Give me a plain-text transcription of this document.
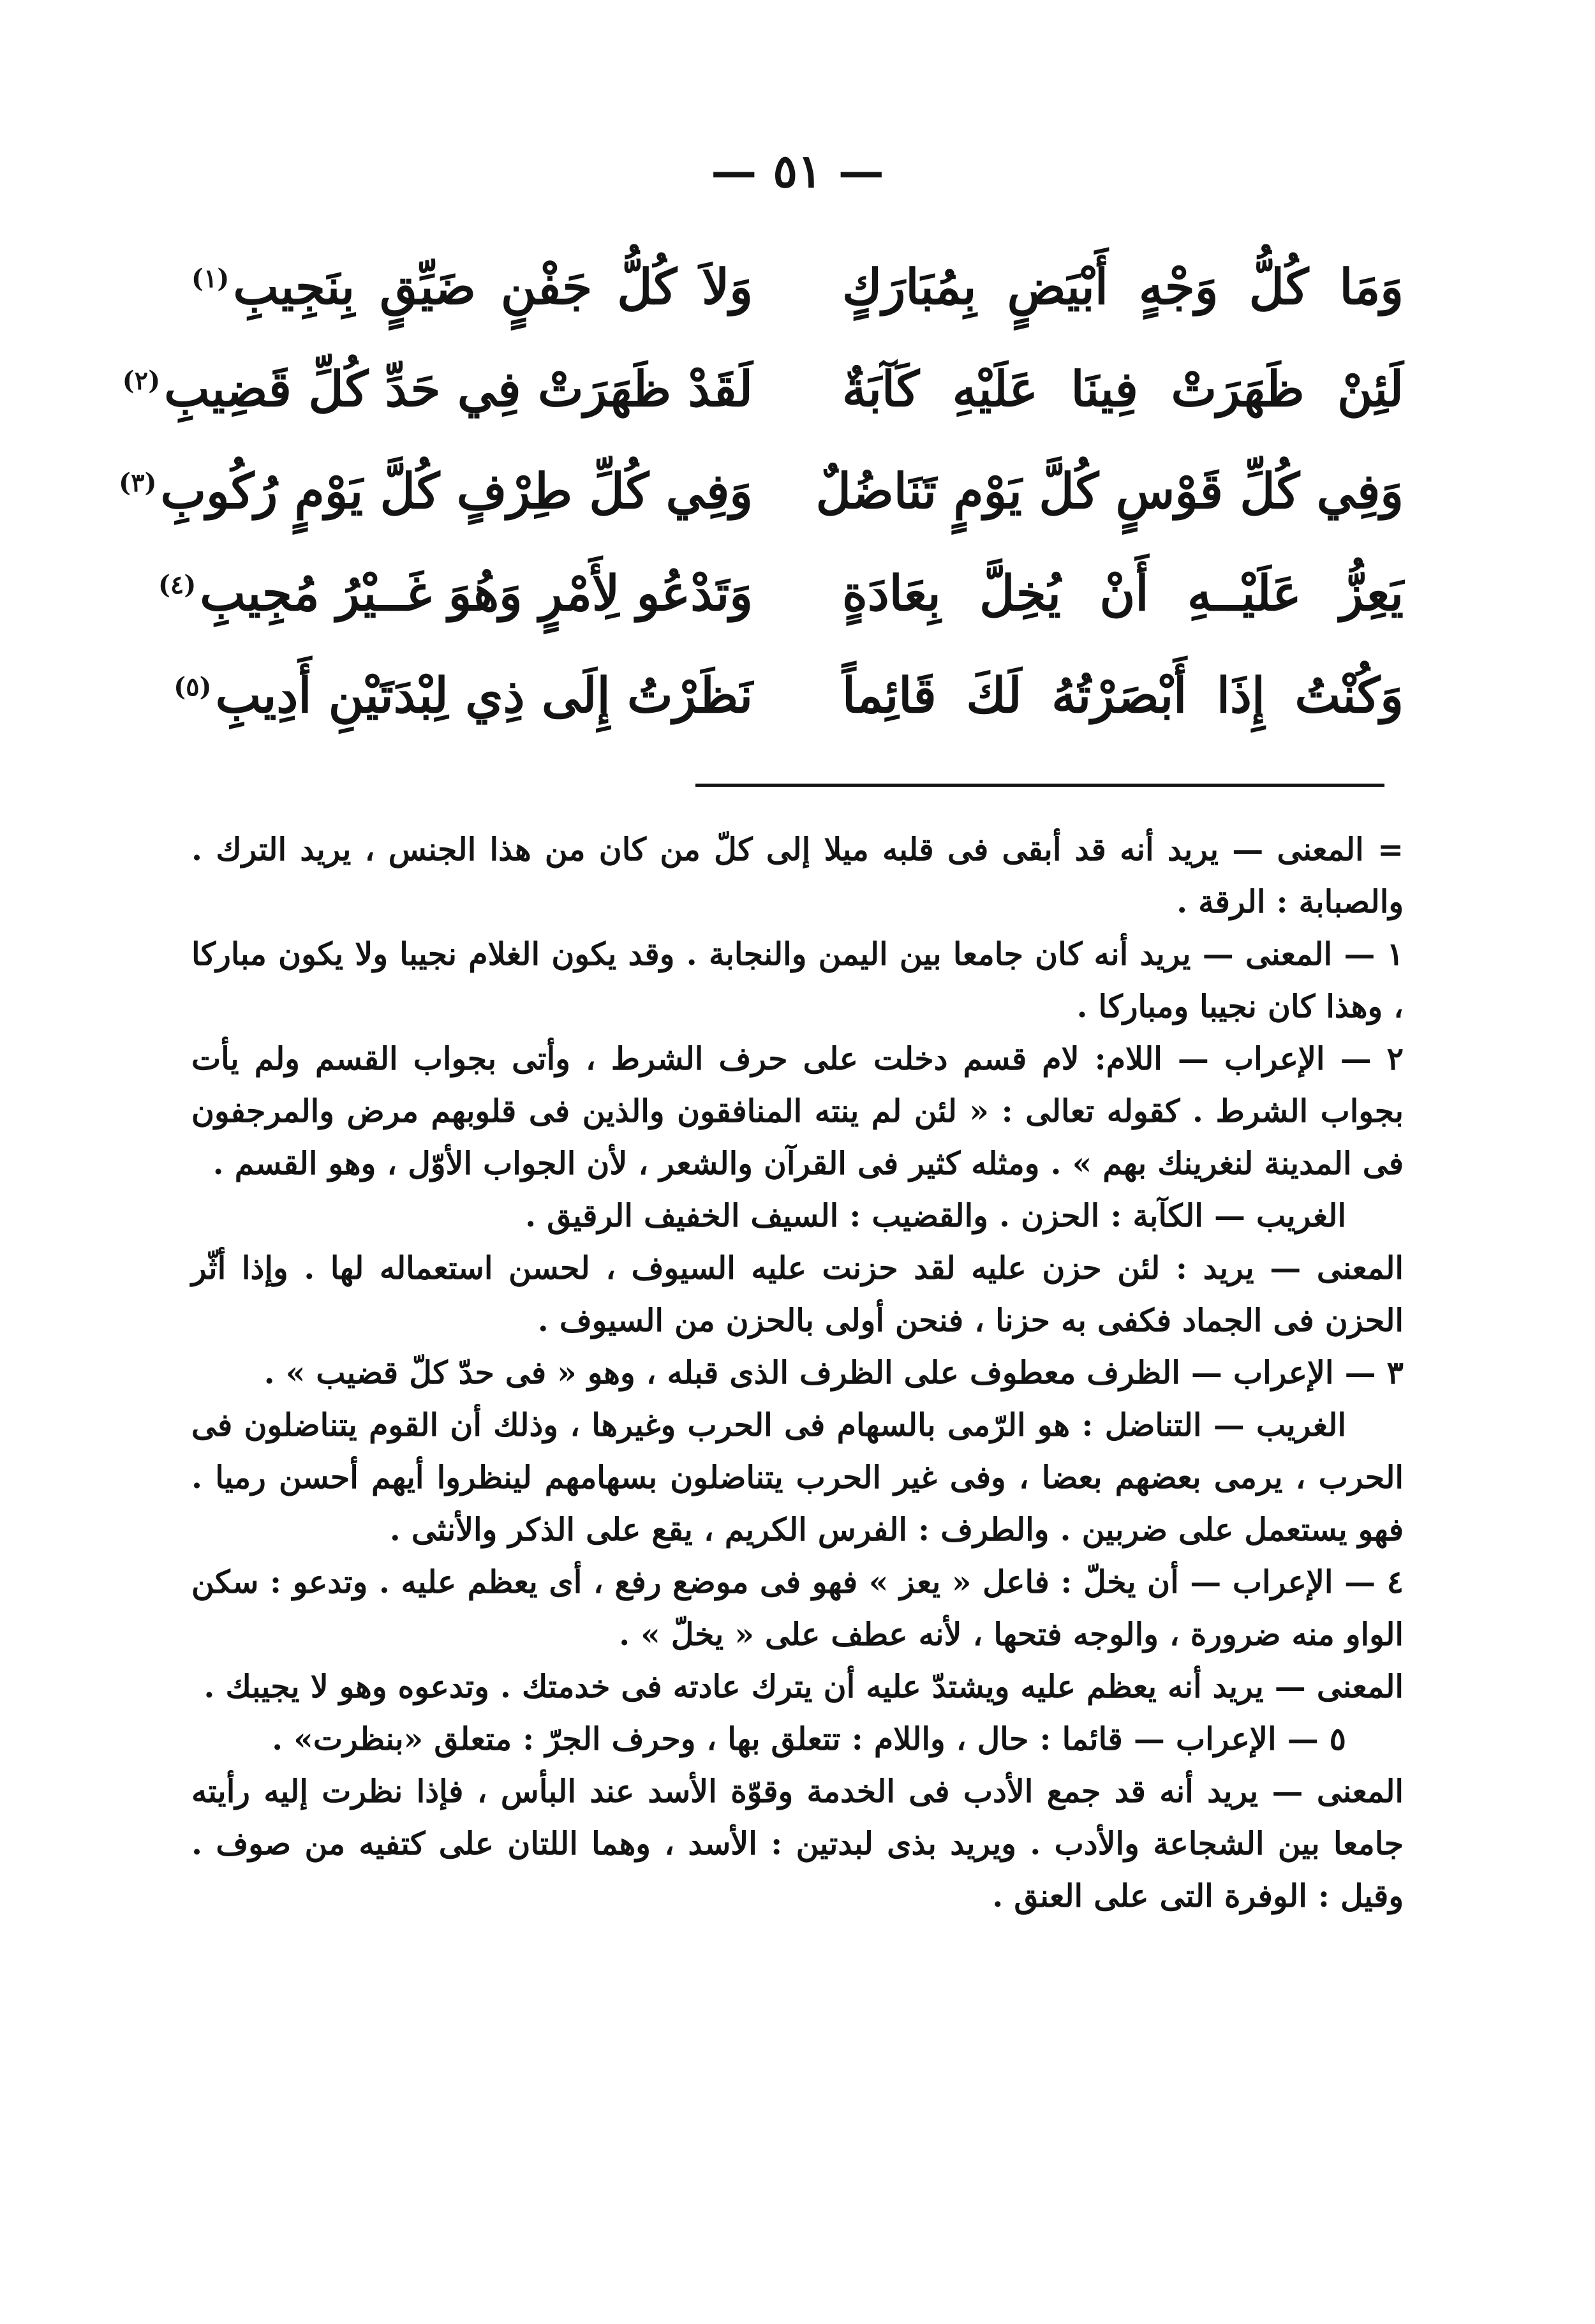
— ٥١ —
وَمَا كُلُّ وَجْهٍ أَبْيَضٍ بِمُبَارَكٍ
وَلاَ كُلُّ جَفْنٍ ضَيِّقٍ بِنَجِيبِ(١)
لَئِنْ ظَهَرَتْ فِينَا عَلَيْهِ كَآبَةٌ
لَقَدْ ظَهَرَتْ فِي حَدِّ كُلِّ قَضِيبِ(٢)
وَفِي كُلِّ قَوْسٍ كُلَّ يَوْمٍ تَنَاضُلٌ
وَفِي كُلِّ طِرْفٍ كُلَّ يَوْمٍ رُكُوبِ(٣)
يَعِزُّ عَلَيْــهِ أَنْ يُخِلَّ بِعَادَةٍ
وَتَدْعُو لِأَمْرٍ وَهُوَ غَــيْرُ مُجِيبِ(٤)
وَكُنْتُ إِذَا أَبْصَرْتُهُ لَكَ قَائِماً
نَظَرْتُ إِلَى ذِي لِبْدَتَيْنِ أَدِيبِ(٥)

= المعنى — يريد أنه قد أبقى فى قلبه ميلا إلى كلّ من كان من هذا الجنس ، يريد الترك . والصبابة : الرقة .

١ — المعنى — يريد أنه كان جامعا بين اليمن والنجابة . وقد يكون الغلام نجيبا ولا يكون مباركا ، وهذا كان نجيبا ومباركا .

٢ — الإعراب — اللام: لام قسم دخلت على حرف الشرط ، وأتى بجواب القسم ولم يأت بجواب الشرط . كقوله تعالى : « لئن لم ينته المنافقون والذين فى قلوبهم مرض والمرجفون فى المدينة لنغرينك بهم » . ومثله كثير فى القرآن والشعر ، لأن الجواب الأوّل ، وهو القسم .

الغريب — الكآبة : الحزن . والقضيب : السيف الخفيف الرقيق .

المعنى — يريد : لئن حزن عليه لقد حزنت عليه السيوف ، لحسن استعماله لها . وإذا أثّر الحزن فى الجماد فكفى به حزنا ، فنحن أولى بالحزن من السيوف .

٣ — الإعراب — الظرف معطوف على الظرف الذى قبله ، وهو « فى حدّ كلّ قضيب » .

الغريب — التناضل : هو الرّمى بالسهام فى الحرب وغيرها ، وذلك أن القوم يتناضلون فى الحرب ، يرمى بعضهم بعضا ، وفى غير الحرب يتناضلون بسهامهم لينظروا أيهم أحسن رميا . فهو يستعمل على ضربين . والطرف : الفرس الكريم ، يقع على الذكر والأنثى .

٤ — الإعراب — أن يخلّ : فاعل « يعز » فهو فى موضع رفع ، أى يعظم عليه . وتدعو : سكن الواو منه ضرورة ، والوجه فتحها ، لأنه عطف على « يخلّ » .

المعنى — يريد أنه يعظم عليه ويشتدّ عليه أن يترك عادته فى خدمتك . وتدعوه وهو لا يجيبك .

٥ — الإعراب — قائما : حال ، واللام : تتعلق بها ، وحرف الجرّ : متعلق «بنظرت» .

المعنى — يريد أنه قد جمع الأدب فى الخدمة وقوّة الأسد عند البأس ، فإذا نظرت إليه رأيته جامعا بين الشجاعة والأدب . ويريد بذى لبدتين : الأسد ، وهما اللتان على كتفيه من صوف . وقيل : الوفرة التى على العنق .
